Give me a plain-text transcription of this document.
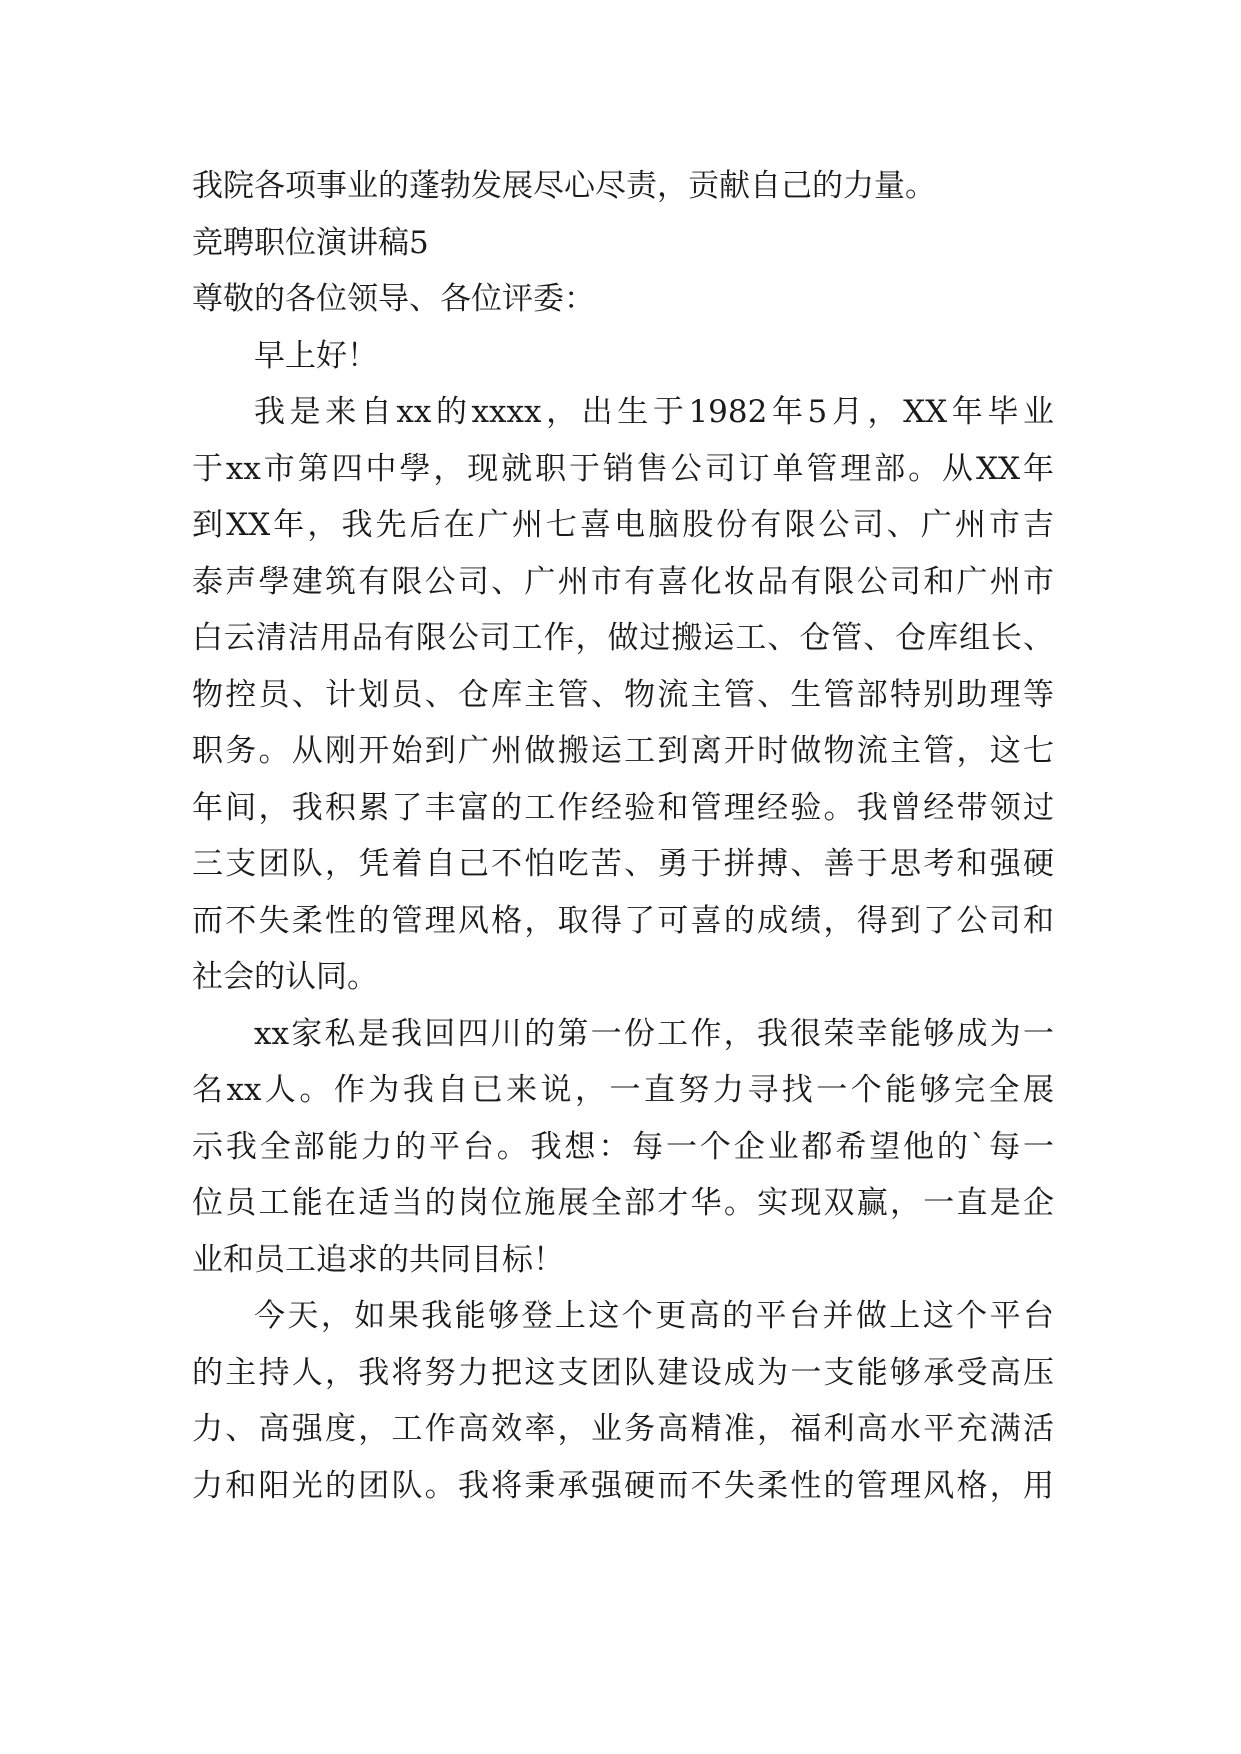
我院各项事业的蓬勃发展尽心尽责，贡献自己的力量。
竞聘职位演讲稿5
尊敬的各位领导、各位评委：
早上好！
我是来自xx的xxxx，出生于1982年5月，XX年毕业
于xx市第四中學，现就职于销售公司订单管理部。从XX年
到XX年，我先后在广州七喜电脑股份有限公司、广州市吉
泰声學建筑有限公司、广州市有喜化妆品有限公司和广州市
白云清洁用品有限公司工作，做过搬运工、仓管、仓库组长、
物控员、计划员、仓库主管、物流主管、生管部特别助理等
职务。从刚开始到广州做搬运工到离开时做物流主管，这七
年间，我积累了丰富的工作经验和管理经验。我曾经带领过
三支团队，凭着自己不怕吃苦、勇于拼搏、善于思考和强硬
而不失柔性的管理风格，取得了可喜的成绩，得到了公司和
社会的认同。
xx家私是我回四川的第一份工作，我很荣幸能够成为一
名xx人。作为我自已来说，一直努力寻找一个能够完全展
示我全部能力的平台。我想：每一个企业都希望他的`每一
位员工能在适当的岗位施展全部才华。实现双赢，一直是企
业和员工追求的共同目标！
今天，如果我能够登上这个更高的平台并做上这个平台
的主持人，我将努力把这支团队建设成为一支能够承受高压
力、高强度，工作高效率，业务高精准，福利高水平充满活
力和阳光的团队。我将秉承强硬而不失柔性的管理风格，用
